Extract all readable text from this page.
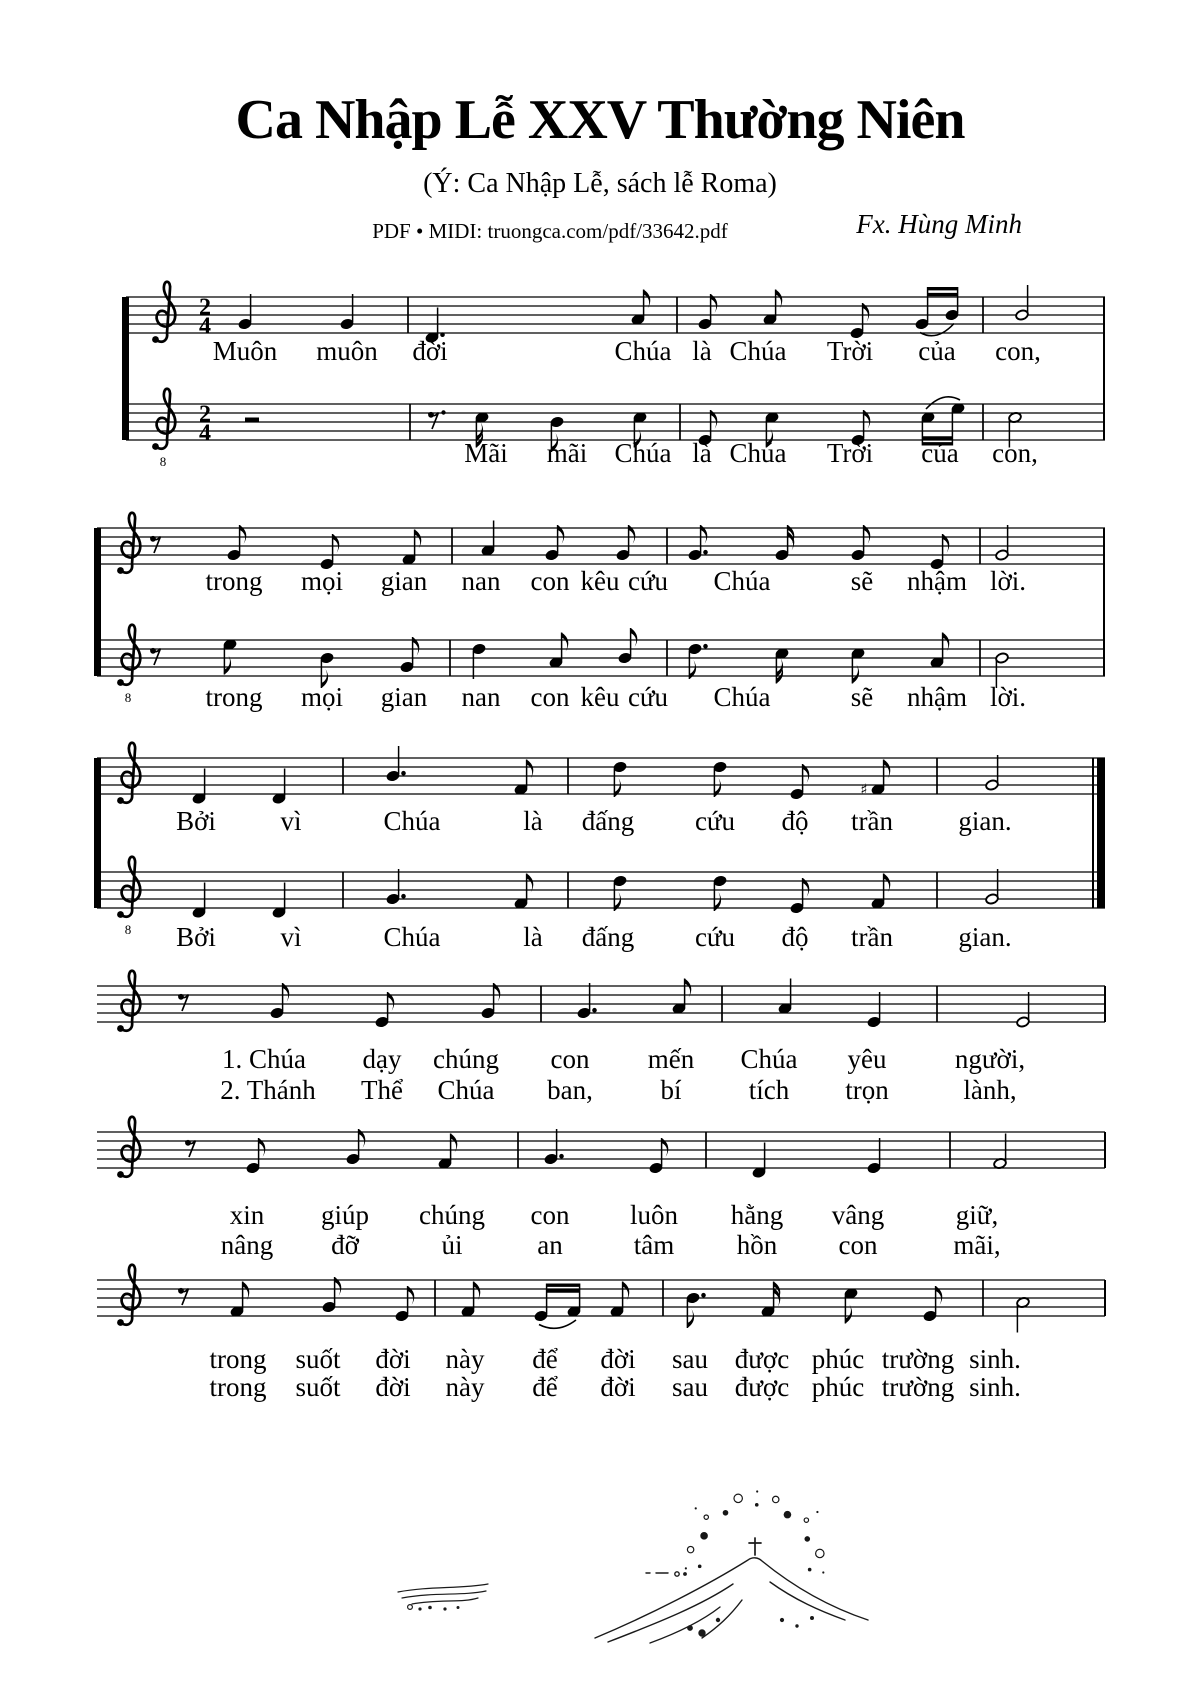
Ca Nhập Lễ XXV Thường Niên
(Ý: Ca Nhập Lễ, sách lễ Roma)
PDF • MIDI: truongca.com/pdf/33642.pdf	Fx. Hùng Minh
2
4
Muôn muôn đời	Chúa là Chúa Trời của con,
8
2
4
Mãi mãi Chúa là Chúa Trời của con,
trong mọi gian nan con kêu cứu Chúa	sẽ nhậm lời.
8	trong mọi gian nan con kêu cứu Chúa	sẽ nhậm lời.
♯
Bởi vì	Chúa	là đấng cứu độ trần gian.
8 Bởi vì	Chúa	là đấng cứu độ trần gian.
1. Chúa dạy chúng con mến Chúa yêu	người,
2. Thánh Thể Chúa ban,	bí tích trọn	lành,
xin giúp chúng con luôn hằng vâng	giữ,
nâng đỡ	ủi	an	tâm hồn con	mãi,
trong suốt đời này để đời sau được phúc trường sinh.
trong suốt đời này để đời sau được phúc trường sinh.
